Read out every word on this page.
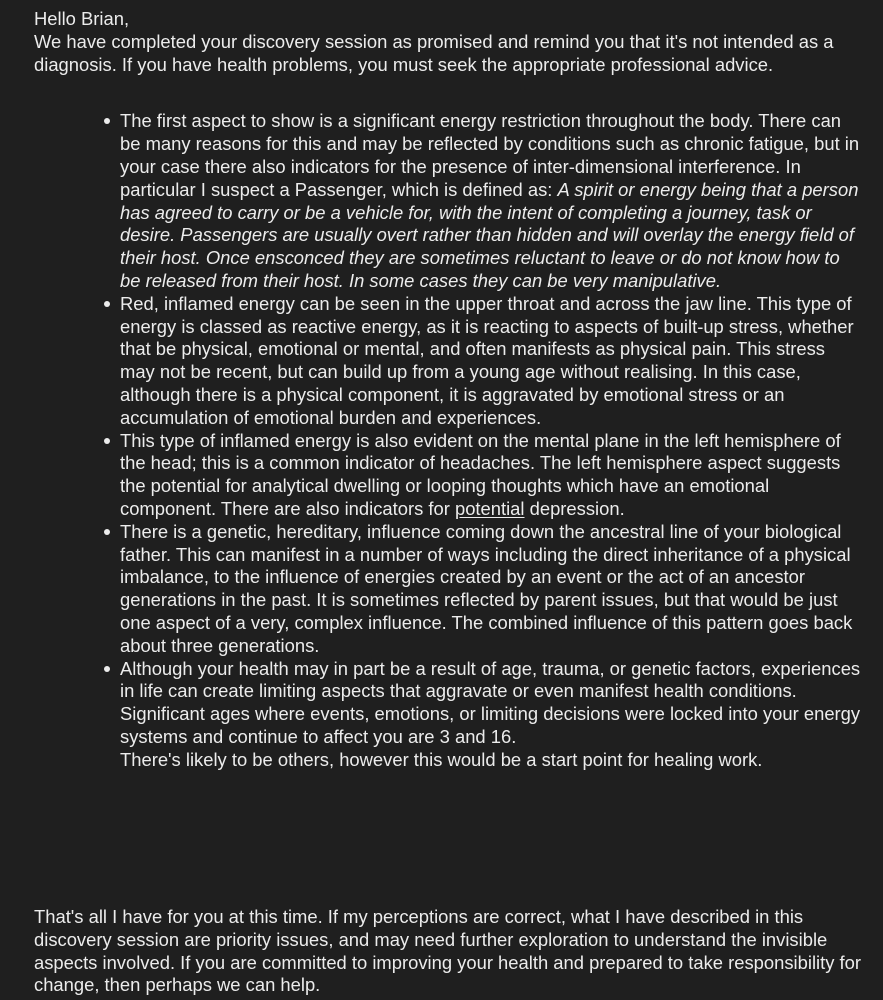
Hello Brian,

We have completed your discovery session as promised and remind you that it's not intended as a diagnosis. If you have health problems, you must seek the appropriate professional advice.

The first aspect to show is a significant energy restriction throughout the body. There can be many reasons for this and may be reflected by conditions such as chronic fatigue, but in your case there also indicators for the presence of inter-dimensional interference. In particular I suspect a Passenger, which is defined as: A spirit or energy being that a person has agreed to carry or be a vehicle for, with the intent of completing a journey, task or desire. Passengers are usually overt rather than hidden and will overlay the energy field of their host. Once ensconced they are sometimes reluctant to leave or do not know how to be released from their host. In some cases they can be very manipulative.

Red, inflamed energy can be seen in the upper throat and across the jaw line. This type of energy is classed as reactive energy, as it is reacting to aspects of built-up stress, whether that be physical, emotional or mental, and often manifests as physical pain. This stress may not be recent, but can build up from a young age without realising. In this case, although there is a physical component, it is aggravated by emotional stress or an accumulation of emotional burden and experiences.

This type of inflamed energy is also evident on the mental plane in the left hemisphere of the head; this is a common indicator of headaches. The left hemisphere aspect suggests the potential for analytical dwelling or looping thoughts which have an emotional component. There are also indicators for potential depression.

There is a genetic, hereditary, influence coming down the ancestral line of your biological father. This can manifest in a number of ways including the direct inheritance of a physical imbalance, to the influence of energies created by an event or the act of an ancestor generations in the past. It is sometimes reflected by parent issues, but that would be just one aspect of a very, complex influence. The combined influence of this pattern goes back about three generations.

Although your health may in part be a result of age, trauma, or genetic factors, experiences in life can create limiting aspects that aggravate or even manifest health conditions. Significant ages where events, emotions, or limiting decisions were locked into your energy systems and continue to affect you are 3 and 16.

There's likely to be others, however this would be a start point for healing work.

That's all I have for you at this time. If my perceptions are correct, what I have described in this discovery session are priority issues, and may need further exploration to understand the invisible aspects involved. If you are committed to improving your health and prepared to take responsibility for change, then perhaps we can help.
